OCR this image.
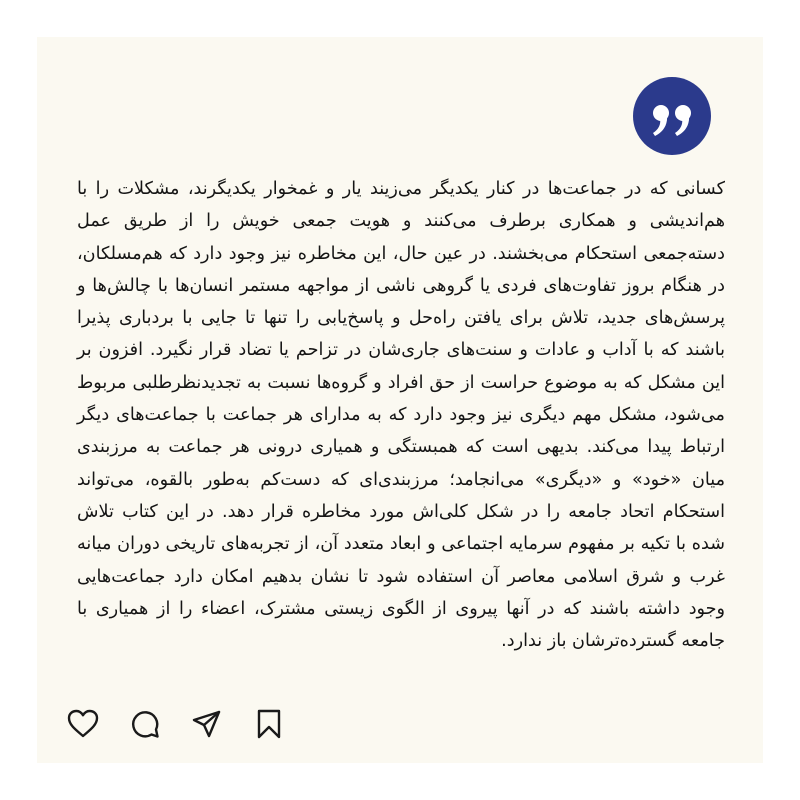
کسانی که در جماعت‌ها در کنار یکدیگر می‌زیند یار و غمخوار یکدیگرند، مشکلات را با هم‌اندیشی و همکاری برطرف می‌کنند و هویت جمعی خویش را از طریق عمل دسته‌جمعی استحکام می‌بخشند. در عین حال، این مخاطره نیز وجود دارد که هم‌مسلکان، در هنگام بروز تفاوت‌های فردی یا گروهی ناشی از مواجهه مستمر انسان‌ها با چالش‌ها و پرسش‌های جدید، تلاش برای یافتن راه‌حل و پاسخ‌یابی را تنها تا جایی با بردباری پذیرا باشند که با آداب و عادات و سنت‌های جاری‌شان در تزاحم یا تضاد قرار نگیرد. افزون بر این مشکل که به موضوع حراست از حق افراد و گروه‌ها نسبت به تجدیدنظرطلبی مربوط می‌شود، مشکل مهم دیگری نیز وجود دارد که به مدارای هر جماعت با جماعت‌های دیگر ارتباط پیدا می‌کند. بدیهی است که همبستگی و همیاری درونی هر جماعت به مرزبندی میان «خود» و «دیگری» می‌انجامد؛ مرزبندی‌ای که دست‌کم به‌طور بالقوه، می‌تواند استحکام اتحاد جامعه را در شکل کلی‌اش مورد مخاطره قرار دهد. در این کتاب تلاش شده با تکیه بر مفهوم سرمایه اجتماعی و ابعاد متعدد آن، از تجربه‌های تاریخی دوران میانه غرب و شرق اسلامی معاصر آن استفاده شود تا نشان بدهیم امکان دارد جماعت‌هایی وجود داشته باشند که در آنها پیروی از الگوی زیستی مشترک، اعضاء را از همیاری با جامعه گسترده‌ترشان باز ندارد.
